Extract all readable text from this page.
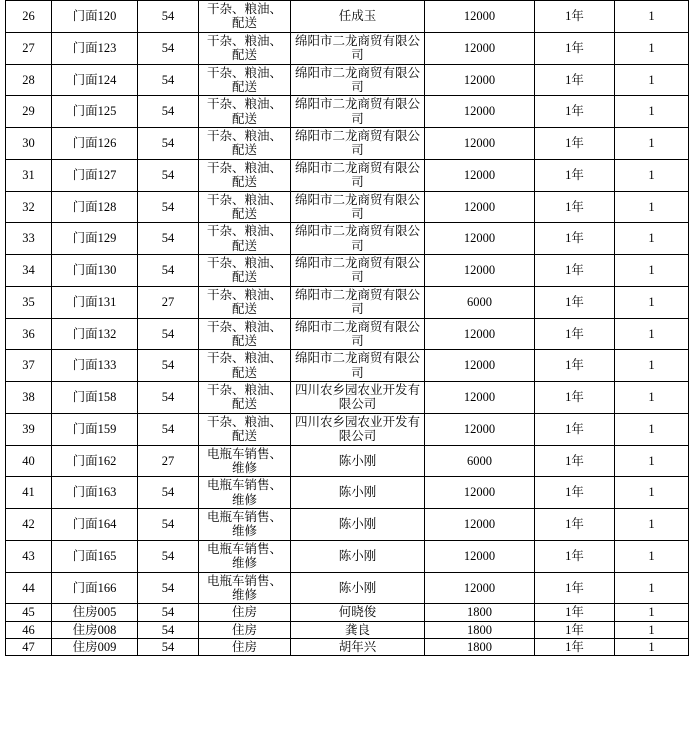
26	门面120	54	干杂、粮油、配送	任成玉	12000	1年	1
27	门面123	54	干杂、粮油、配送	绵阳市二龙商贸有限公司	12000	1年	1
28	门面124	54	干杂、粮油、配送	绵阳市二龙商贸有限公司	12000	1年	1
29	门面125	54	干杂、粮油、配送	绵阳市二龙商贸有限公司	12000	1年	1
30	门面126	54	干杂、粮油、配送	绵阳市二龙商贸有限公司	12000	1年	1
31	门面127	54	干杂、粮油、配送	绵阳市二龙商贸有限公司	12000	1年	1
32	门面128	54	干杂、粮油、配送	绵阳市二龙商贸有限公司	12000	1年	1
33	门面129	54	干杂、粮油、配送	绵阳市二龙商贸有限公司	12000	1年	1
34	门面130	54	干杂、粮油、配送	绵阳市二龙商贸有限公司	12000	1年	1
35	门面131	27	干杂、粮油、配送	绵阳市二龙商贸有限公司	6000	1年	1
36	门面132	54	干杂、粮油、配送	绵阳市二龙商贸有限公司	12000	1年	1
37	门面133	54	干杂、粮油、配送	绵阳市二龙商贸有限公司	12000	1年	1
38	门面158	54	干杂、粮油、配送	四川农乡园农业开发有限公司	12000	1年	1
39	门面159	54	干杂、粮油、配送	四川农乡园农业开发有限公司	12000	1年	1
40	门面162	27	电瓶车销售、维修	陈小刚	6000	1年	1
41	门面163	54	电瓶车销售、维修	陈小刚	12000	1年	1
42	门面164	54	电瓶车销售、维修	陈小刚	12000	1年	1
43	门面165	54	电瓶车销售、维修	陈小刚	12000	1年	1
44	门面166	54	电瓶车销售、维修	陈小刚	12000	1年	1
45	住房005	54	住房	何晓俊	1800	1年	1
46	住房008	54	住房	龚良	1800	1年	1
47	住房009	54	住房	胡年兴	1800	1年	1
